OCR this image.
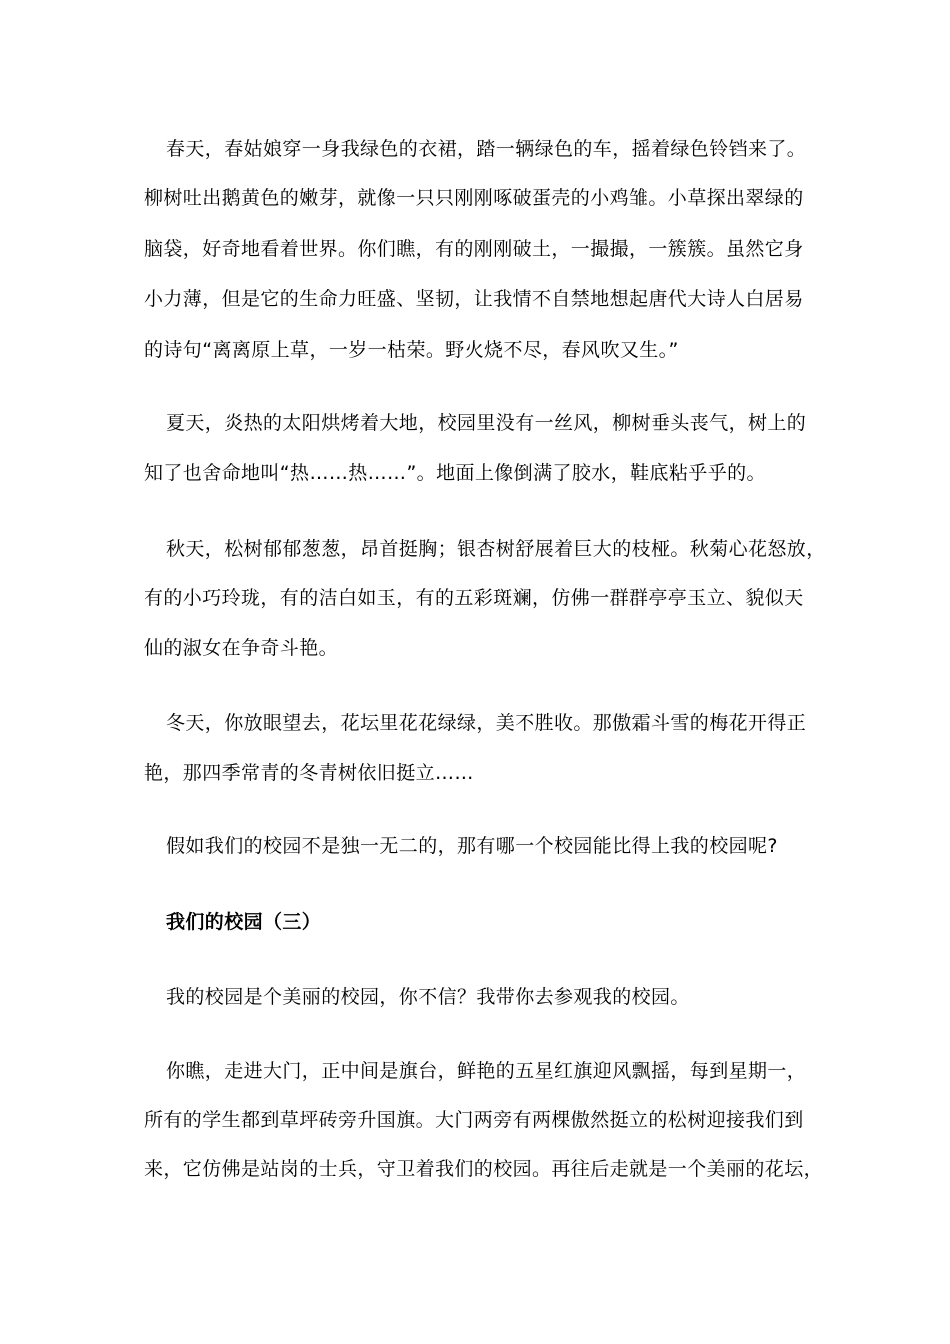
春天，春姑娘穿一身我绿色的衣裙，踏一辆绿色的车，摇着绿色铃铛来了。
柳树吐出鹅黄色的嫩芽，就像一只只刚刚啄破蛋壳的小鸡雏。小草探出翠绿的
脑袋，好奇地看着世界。你们瞧，有的刚刚破土，一撮撮，一簇簇。虽然它身
小力薄，但是它的生命力旺盛、坚韧，让我情不自禁地想起唐代大诗人白居易
的诗句“离离原上草，一岁一枯荣。野火烧不尽，春风吹又生。”
夏天，炎热的太阳烘烤着大地，校园里没有一丝风，柳树垂头丧气，树上的
知了也舍命地叫“热……热……”。地面上像倒满了胶水，鞋底粘乎乎的。
秋天，松树郁郁葱葱，昂首挺胸；银杏树舒展着巨大的枝桠。秋菊心花怒放，
有的小巧玲珑，有的洁白如玉，有的五彩斑斓，仿佛一群群亭亭玉立、貌似天
仙的淑女在争奇斗艳。
冬天，你放眼望去，花坛里花花绿绿，美不胜收。那傲霜斗雪的梅花开得正
艳，那四季常青的冬青树依旧挺立……
假如我们的校园不是独一无二的，那有哪一个校园能比得上我的校园呢?
我们的校园（三）
我的校园是个美丽的校园，你不信？我带你去参观我的校园。
你瞧，走进大门，正中间是旗台，鲜艳的五星红旗迎风飘摇，每到星期一，
所有的学生都到草坪砖旁升国旗。大门两旁有两棵傲然挺立的松树迎接我们到
来，它仿佛是站岗的士兵，守卫着我们的校园。再往后走就是一个美丽的花坛，
